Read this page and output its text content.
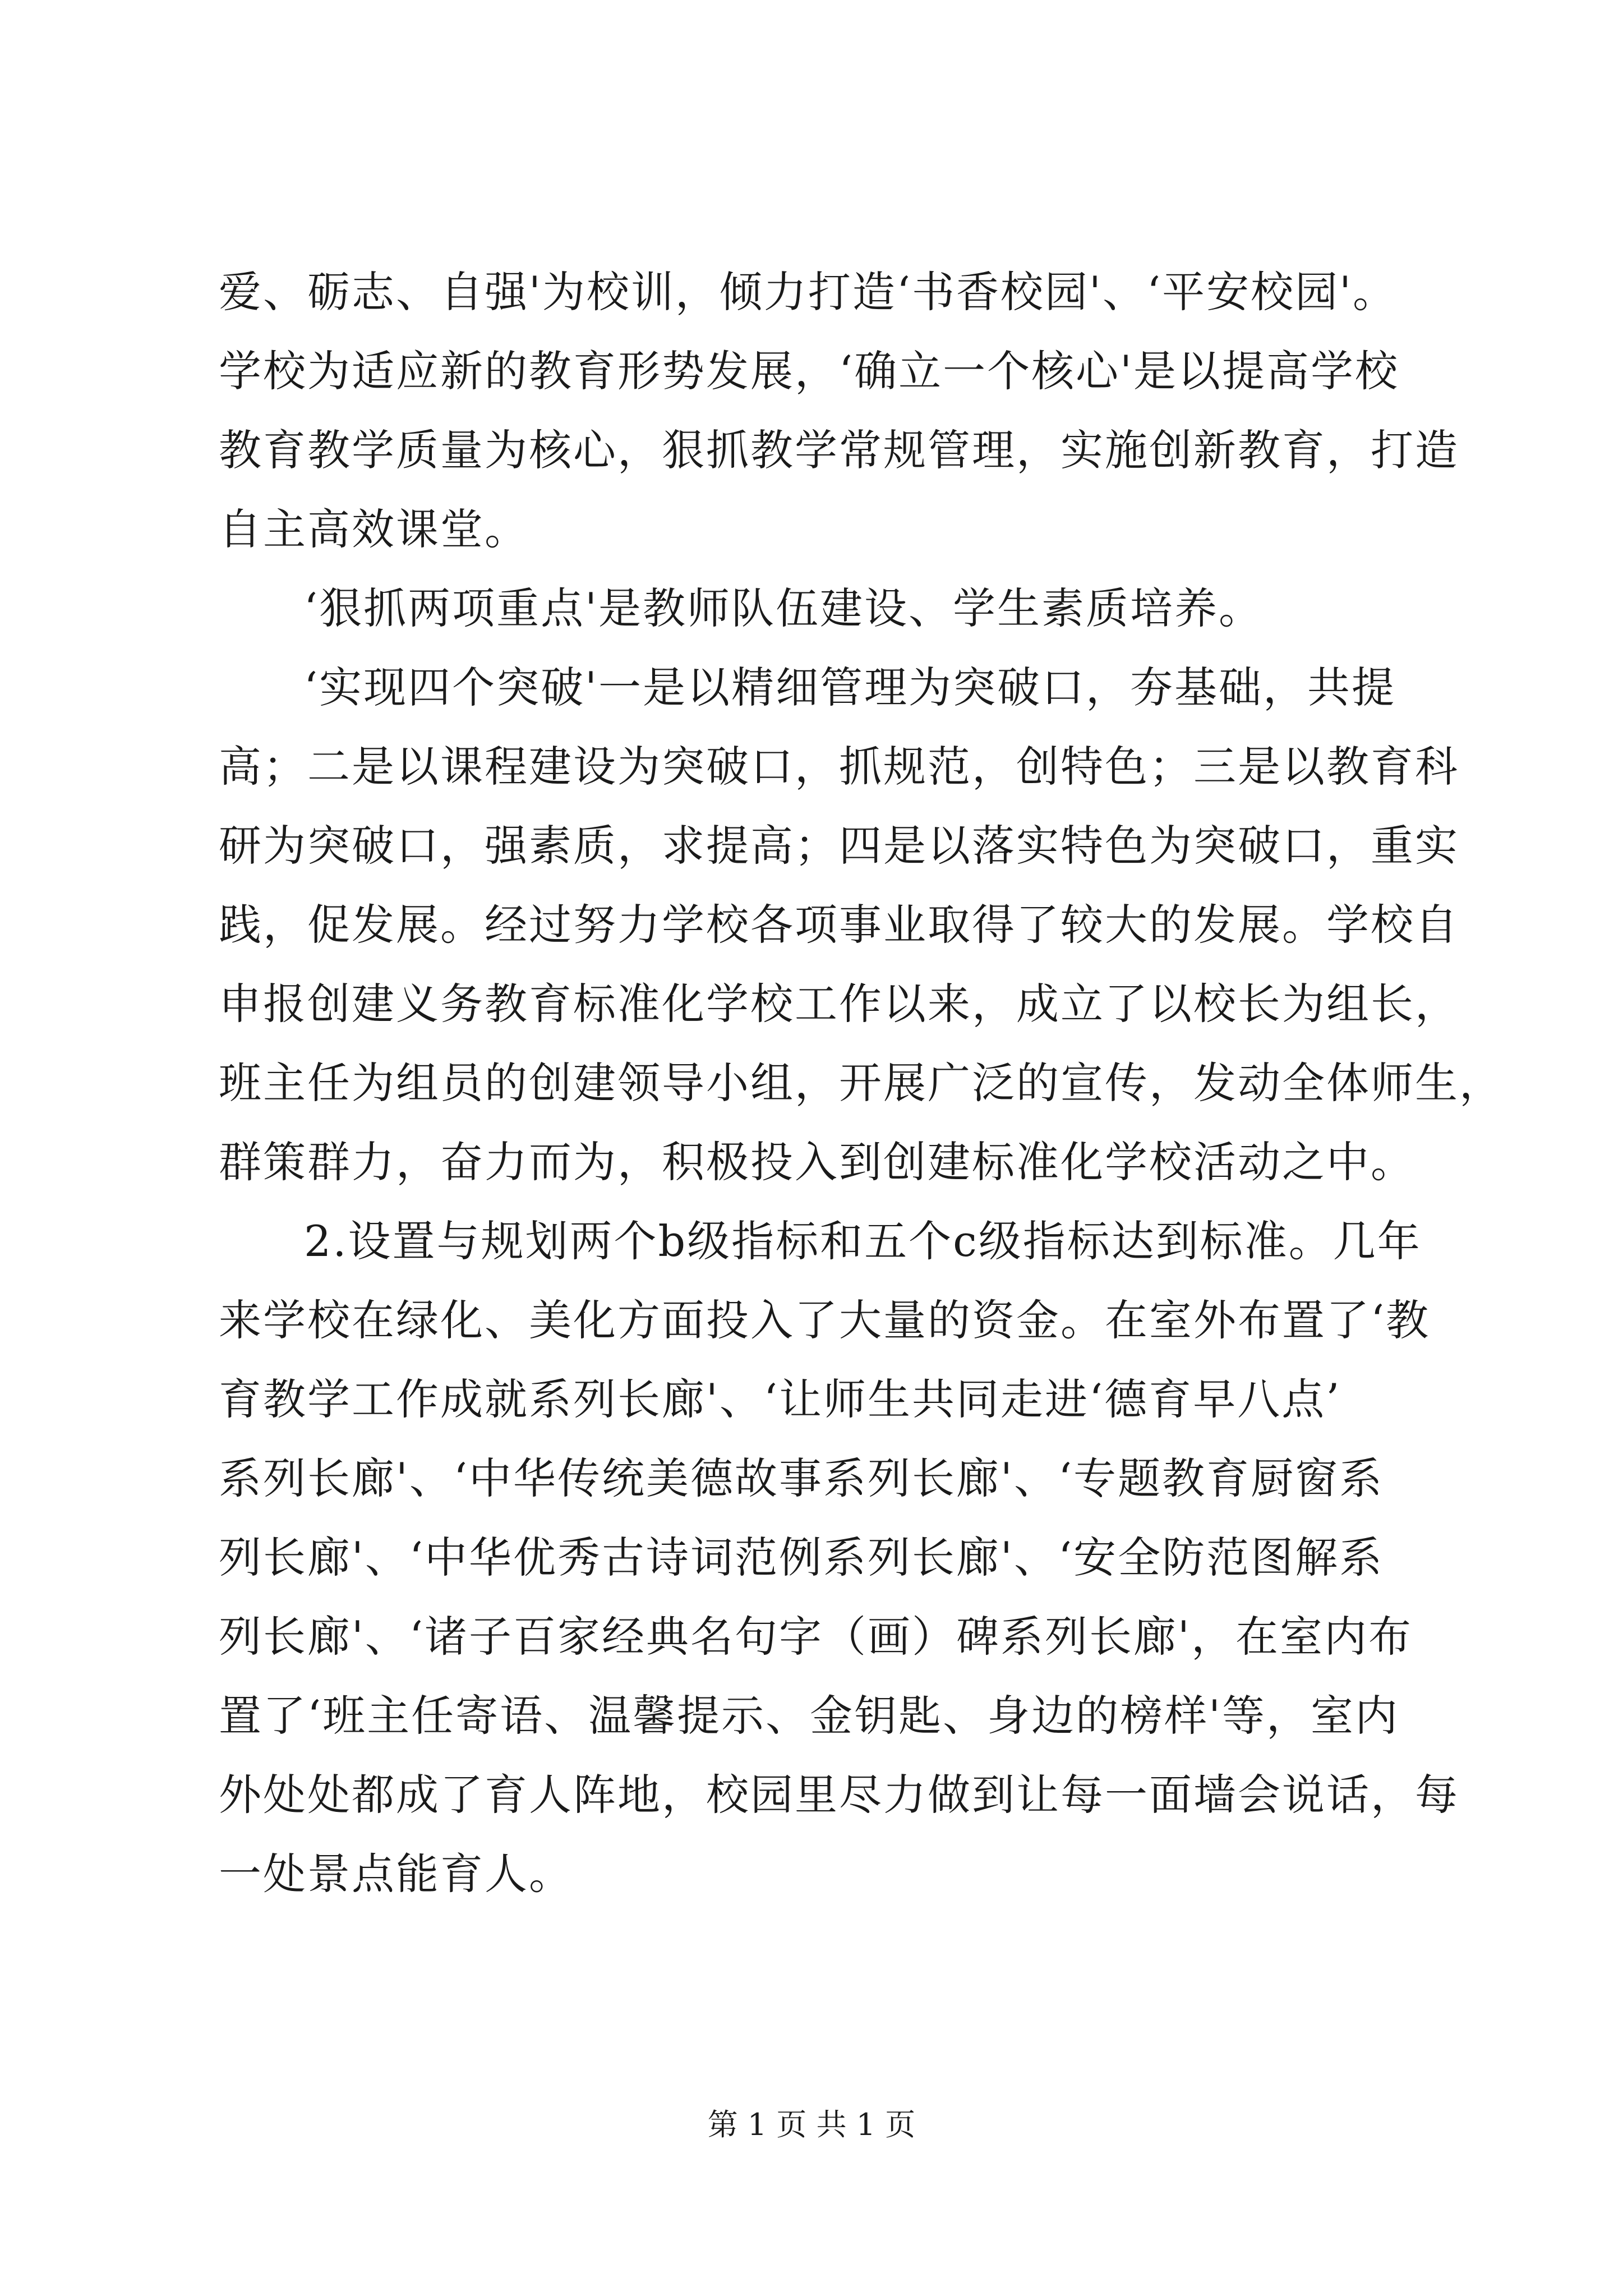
爱、砺志、自强'为校训，倾力打造‘书香校园'、‘平安校园'。
学校为适应新的教育形势发展，‘确立一个核心'是以提高学校
教育教学质量为核心，狠抓教学常规管理，实施创新教育，打造
自主高效课堂。
‘狠抓两项重点'是教师队伍建设、学生素质培养。
‘实现四个突破'一是以精细管理为突破口，夯基础，共提
高；二是以课程建设为突破口，抓规范，创特色；三是以教育科
研为突破口，强素质，求提高；四是以落实特色为突破口，重实
践，促发展。经过努力学校各项事业取得了较大的发展。学校自
申报创建义务教育标准化学校工作以来，成立了以校长为组长，
班主任为组员的创建领导小组，开展广泛的宣传，发动全体师生，
群策群力，奋力而为，积极投入到创建标准化学校活动之中。
2.设置与规划两个b级指标和五个c级指标达到标准。几年
来学校在绿化、美化方面投入了大量的资金。在室外布置了‘教
育教学工作成就系列长廊'、‘让师生共同走进‘德育早八点’
系列长廊'、‘中华传统美德故事系列长廊'、‘专题教育厨窗系
列长廊'、‘中华优秀古诗词范例系列长廊'、‘安全防范图解系
列长廊'、‘诸子百家经典名句字（画）碑系列长廊'，在室内布
置了‘班主任寄语、温馨提示、金钥匙、身边的榜样'等，室内
外处处都成了育人阵地，校园里尽力做到让每一面墙会说话，每
一处景点能育人。
第 1 页 共 1 页
